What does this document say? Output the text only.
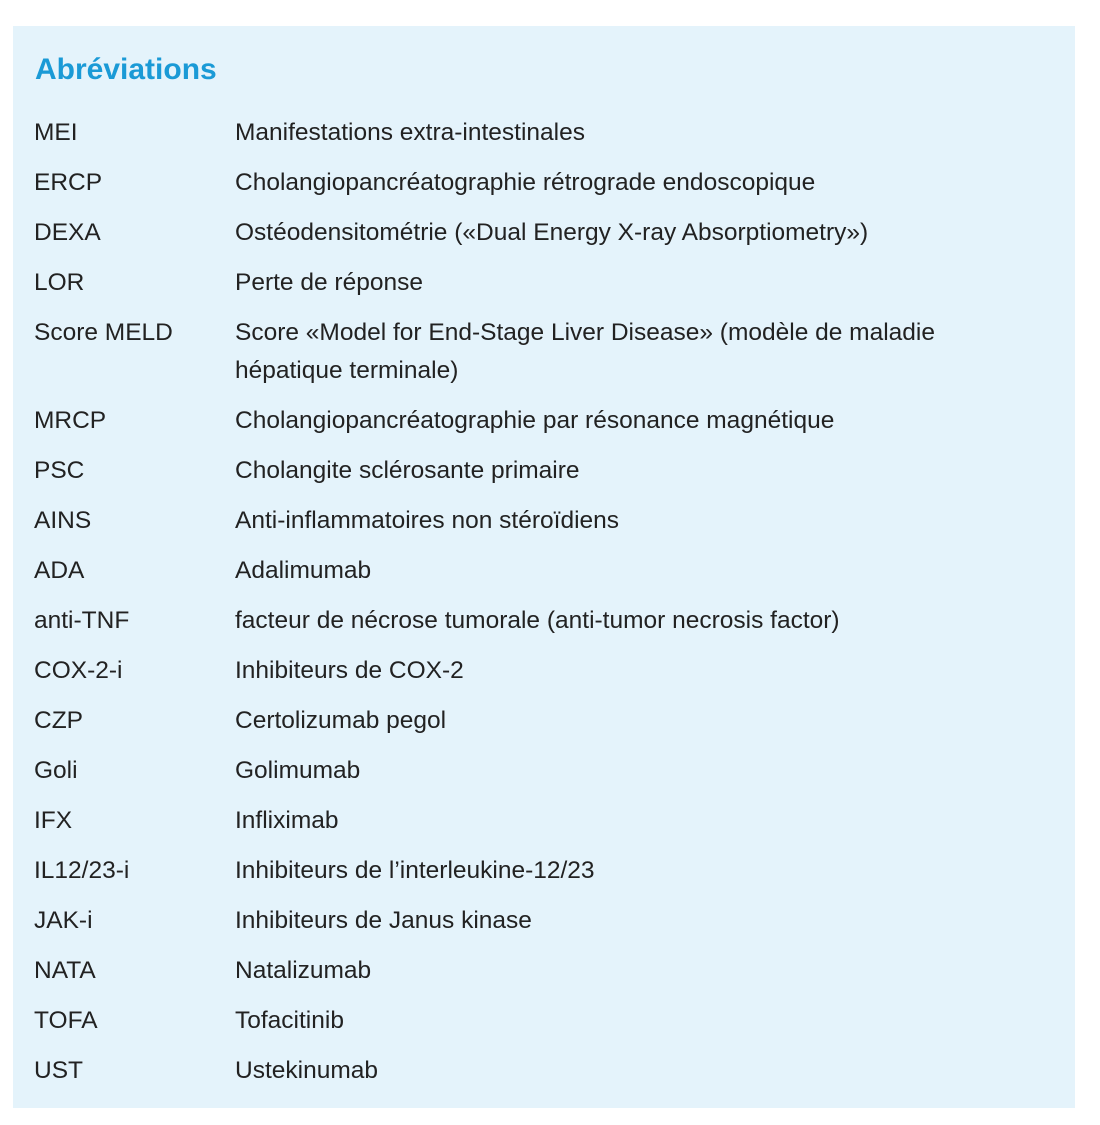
Abréviations
MEI	Manifestations extra-intestinales
ERCP	Cholangiopancréatographie rétrograde endoscopique
DEXA	Ostéodensitométrie («Dual Energy X-ray Absorptiometry»)
LOR	Perte de réponse
Score MELD	Score «Model for End-Stage Liver Disease» (modèle de maladie hépatique terminale)
MRCP	Cholangiopancréatographie par résonance magnétique
PSC	Cholangite sclérosante primaire
AINS	Anti-inflammatoires non stéroïdiens
ADA	Adalimumab
anti-TNF	facteur de nécrose tumorale (anti-tumor necrosis factor)
COX-2-i	Inhibiteurs de COX-2
CZP	Certolizumab pegol
Goli	Golimumab
IFX	Infliximab
IL12/23-i	Inhibiteurs de l’interleukine-12/23
JAK-i	Inhibiteurs de Janus kinase
NATA	Natalizumab
TOFA	Tofacitinib
UST	Ustekinumab
